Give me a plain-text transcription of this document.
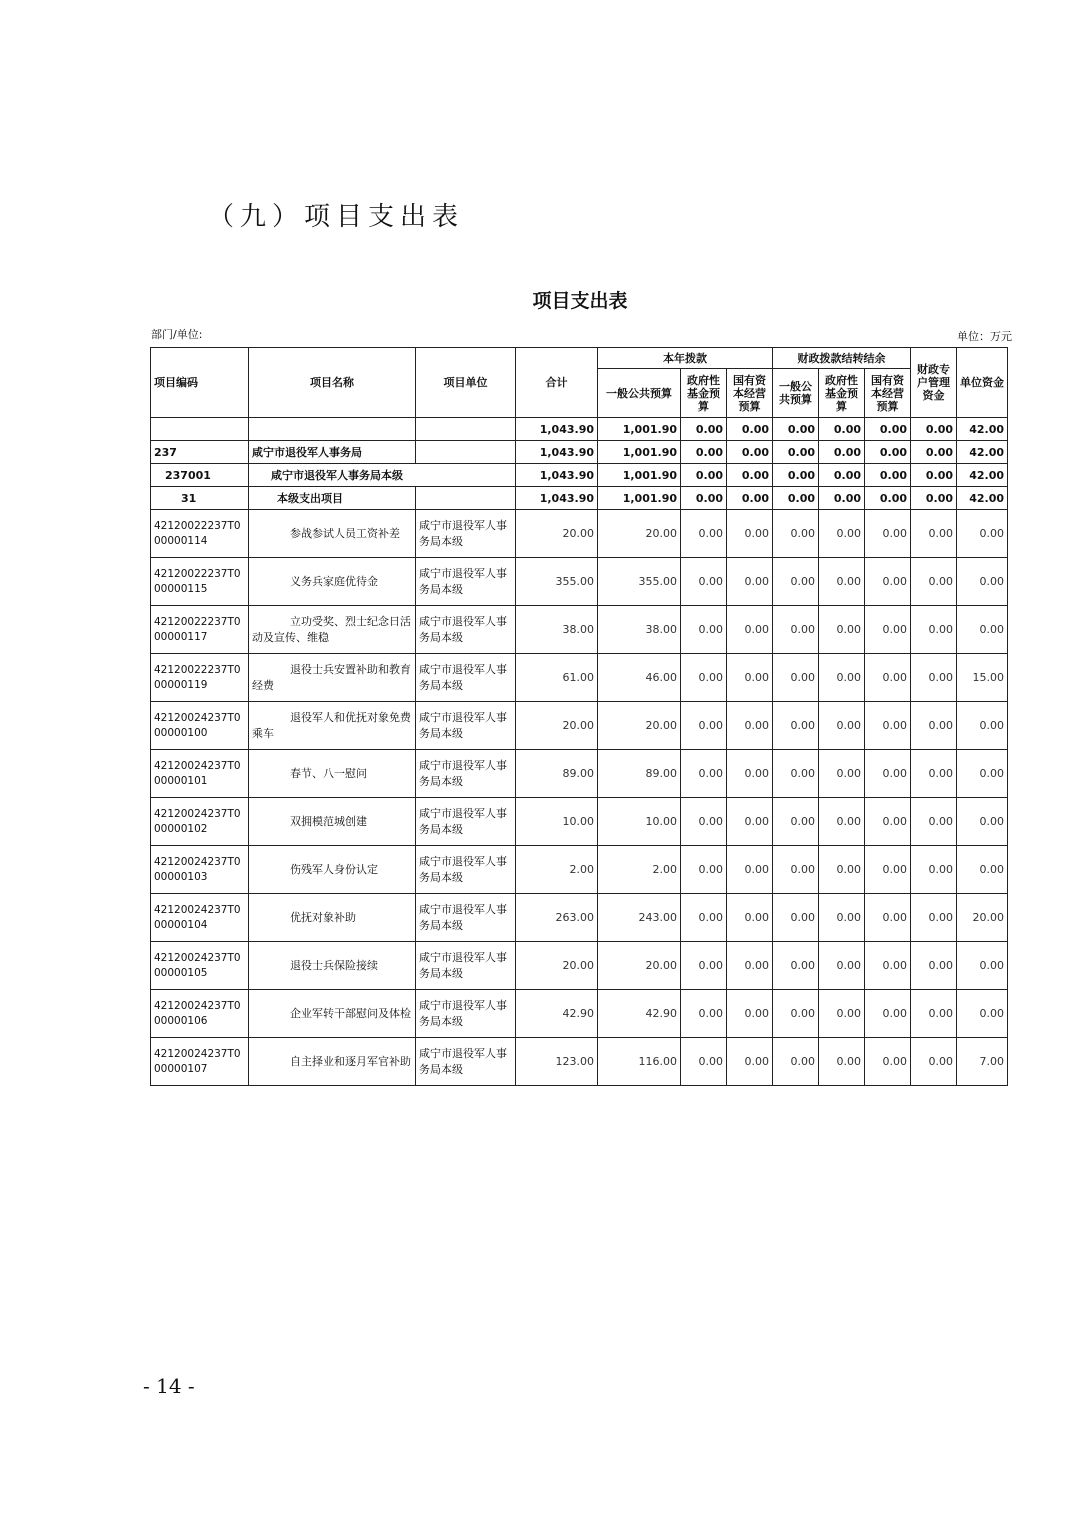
（九）项目支出表
项目支出表
部门/单位:	单位：万元
项目编码	项目名称	项目单位	合计	本年拨款			财政拨款结转结余			财政专户管理资金	单位资金
				一般公共预算	政府性基金预算	国有资本经营预算	一般公共预算	政府性基金预算	国有资本经营预算		
			1,043.90	1,001.90	0.00	0.00	0.00	0.00	0.00	0.00	42.00
237	咸宁市退役军人事务局		1,043.90	1,001.90	0.00	0.00	0.00	0.00	0.00	0.00	42.00
237001	咸宁市退役军人事务局本级		1,043.90	1,001.90	0.00	0.00	0.00	0.00	0.00	0.00	42.00
31	本级支出项目		1,043.90	1,001.90	0.00	0.00	0.00	0.00	0.00	0.00	42.00
42120022237T000000114	参战参试人员工资补差	咸宁市退役军人事务局本级	20.00	20.00	0.00	0.00	0.00	0.00	0.00	0.00	0.00
42120022237T000000115	义务兵家庭优待金	咸宁市退役军人事务局本级	355.00	355.00	0.00	0.00	0.00	0.00	0.00	0.00	0.00
42120022237T000000117	立功受奖、烈士纪念日活动及宣传、维稳	咸宁市退役军人事务局本级	38.00	38.00	0.00	0.00	0.00	0.00	0.00	0.00	0.00
42120022237T000000119	退役士兵安置补助和教育经费	咸宁市退役军人事务局本级	61.00	46.00	0.00	0.00	0.00	0.00	0.00	0.00	15.00
42120024237T000000100	退役军人和优抚对象免费乘车	咸宁市退役军人事务局本级	20.00	20.00	0.00	0.00	0.00	0.00	0.00	0.00	0.00
42120024237T000000101	春节、八一慰问	咸宁市退役军人事务局本级	89.00	89.00	0.00	0.00	0.00	0.00	0.00	0.00	0.00
42120024237T000000102	双拥模范城创建	咸宁市退役军人事务局本级	10.00	10.00	0.00	0.00	0.00	0.00	0.00	0.00	0.00
42120024237T000000103	伤残军人身份认定	咸宁市退役军人事务局本级	2.00	2.00	0.00	0.00	0.00	0.00	0.00	0.00	0.00
42120024237T000000104	优抚对象补助	咸宁市退役军人事务局本级	263.00	243.00	0.00	0.00	0.00	0.00	0.00	0.00	20.00
42120024237T000000105	退役士兵保险接续	咸宁市退役军人事务局本级	20.00	20.00	0.00	0.00	0.00	0.00	0.00	0.00	0.00
42120024237T000000106	企业军转干部慰问及体检	咸宁市退役军人事务局本级	42.90	42.90	0.00	0.00	0.00	0.00	0.00	0.00	0.00
42120024237T000000107	自主择业和逐月军官补助	咸宁市退役军人事务局本级	123.00	116.00	0.00	0.00	0.00	0.00	0.00	0.00	7.00
- 14 -
